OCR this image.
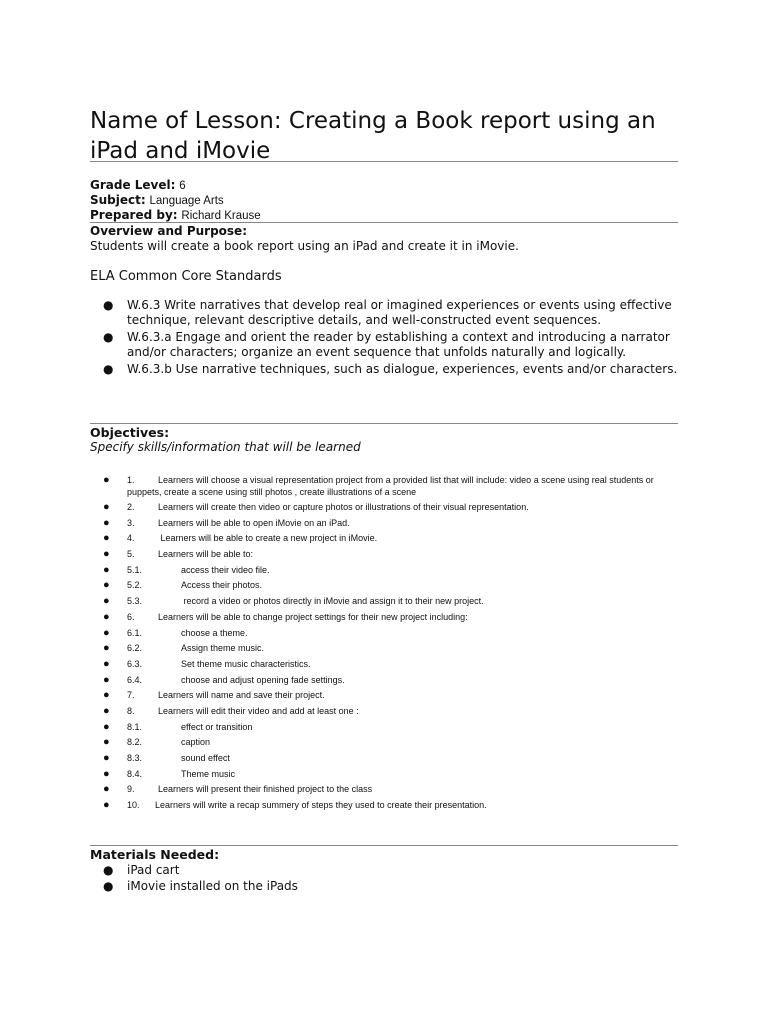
Name of Lesson: Creating a Book report using an iPad and iMovie
Grade Level: 6
Subject: Language Arts
Prepared by: Richard Krause
Overview and Purpose:
Students will create a book report using an iPad and create it in iMovie.
ELA Common Core Standards
● W.6.3 Write narratives that develop real or imagined experiences or events using effective technique, relevant descriptive details, and well-constructed event sequences.
● W.6.3.a Engage and orient the reader by establishing a context and introducing a narrator and/or characters; organize an event sequence that unfolds naturally and logically.
● W.6.3.b Use narrative techniques, such as dialogue, experiences, events and/or characters.
Objectives:
Specify skills/information that will be learned
● 1.	Learners will choose a visual representation project from a provided list that will include: video a scene using real students or puppets, create a scene using still photos , create illustrations of a scene
● 2.	Learners will create then video or capture photos or illustrations of their visual representation.
● 3.	Learners will be able to open iMovie on an iPad.
● 4.	Learners will be able to create a new project in iMovie.
● 5.	Learners will be able to:
● 5.1.	access their video file.
● 5.2.	Access their photos.
● 5.3.	record a video or photos directly in iMovie and assign it to their new project.
● 6.	Learners will be able to change project settings for their new project including:
● 6.1.	choose a theme.
● 6.2.	Assign theme music.
● 6.3.	Set theme music characteristics.
● 6.4.	choose and adjust opening fade settings.
● 7.	Learners will name and save their project.
● 8.	Learners will edit their video and add at least one :
● 8.1.	effect or transition
● 8.2.	caption
● 8.3.	sound effect
● 8.4.	Theme music
● 9.	Learners will present their finished project to the class
● 10. Learners will write a recap summery of steps they used to create their presentation.
Materials Needed:
● iPad cart
● iMovie installed on the iPads
